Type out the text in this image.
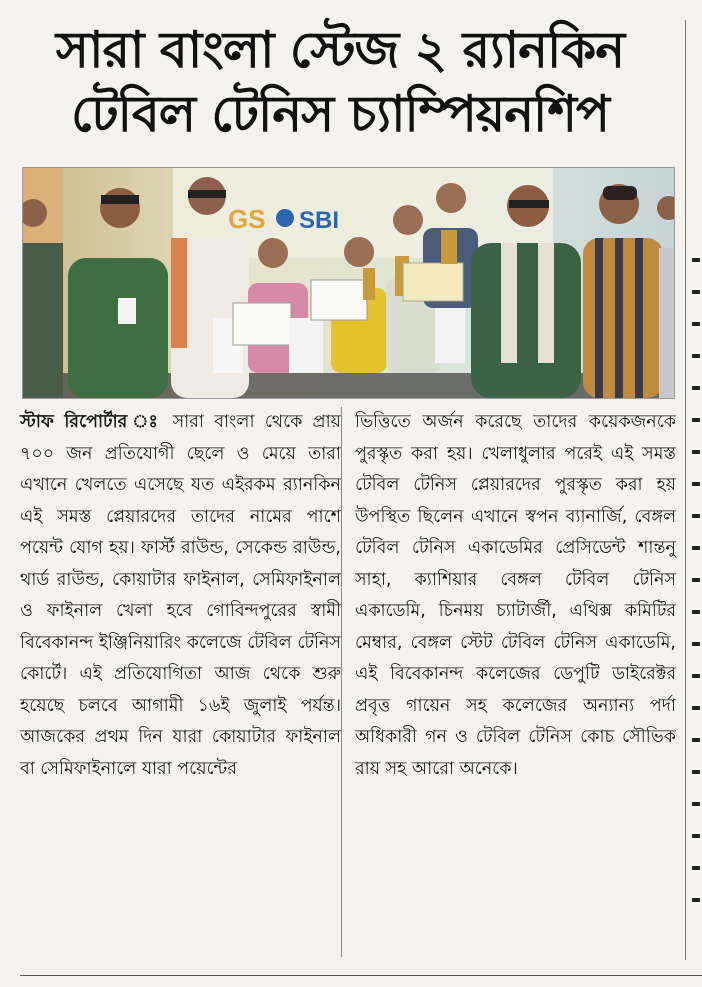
সারা বাংলা স্টেজ ২ র‍্যানকিন
টেবিল টেনিস চ্যাম্পিয়নশিপ
GS SBI

স্টাফ রিপোর্টার ঃ সারা বাংলা থেকে প্রায় ৭০০ জন প্রতিযোগী ছেলে ও মেয়ে তারা এখানে খেলতে এসেছে যত এইরকম র‍্যানকিন এই সমস্ত প্লেয়ারদের তাদের নামের পাশে পয়েন্ট যোগ হয়। ফার্স্ট রাউন্ড, সেকেন্ড রাউন্ড, থার্ড রাউন্ড, কোয়াটার ফাইনাল, সেমিফাইনাল ও ফাইনাল খেলা হবে গোবিন্দপুরের স্বামী বিবেকানন্দ ইঞ্জিনিয়ারিং কলেজে টেবিল টেনিস কোর্টে। এই প্রতিযোগিতা আজ থেকে শুরু হয়েছে চলবে আগামী ১৬ই জুলাই পর্যন্ত। আজকের প্রথম দিন যারা কোয়াটার ফাইনাল বা সেমিফাইনালে যারা পয়েন্টের

ভিত্তিতে অর্জন করেছে তাদের কয়েকজনকে পুরস্কৃত করা হয়। খেলাধুলার পরেই এই সমস্ত টেবিল টেনিস প্লেয়ারদের পুরস্কৃত করা হয় উপস্থিত ছিলেন এখানে স্বপন ব্যানার্জি, বেঙ্গল টেবিল টেনিস একাডেমির প্রেসিডেন্ট শান্তনু সাহা, ক্যাশিয়ার বেঙ্গল টেবিল টেনিস একাডেমি, চিনময় চ্যাটার্জী, এথিক্স কমিটির মেম্বার, বেঙ্গল স্টেট টেবিল টেনিস একাডেমি, এই বিবেকানন্দ কলেজের ডেপুটি ডাইরেক্টর প্রবৃত্ত গায়েন সহ কলেজের অন্যান্য পর্দা অধিকারী গন ও টেবিল টেনিস কোচ সৌভিক রায় সহ আরো অনেকে।
